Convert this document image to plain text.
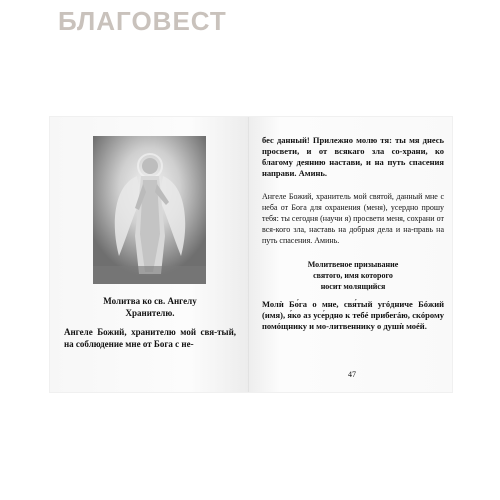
БЛАГОВЕСТ
Молитва ко св. Ангелу
Хранителю.
Ангеле Божий, хранителю мой свя-тый, на соблюдение мне от Бога с не-
бес данный! Прилежно молю тя: ты мя днесь просвети, и от всякаго зла со-храни, ко благому деянию настави, и на путь спасения направи. Аминь.
Ангеле Божий, хранитель мой святой, данный мне с неба от Бога для охранения (меня), усердно прошу тебя: ты сегодня (научи я) просвети меня, сохрани от вся-кого зла, наставь на добрыя дела и на-правь на путь спасения. Аминь.
Молитвеное призывание
святого, имя которого
носит молящийся
Молѝ Бо́га о мне, свя́тый угóдниче Бóжий (имя), я́ко аз усе́рдно к тебé прибегáю, скóрому помóщнику и мо-литвеннику о душѝ моéй.
47
